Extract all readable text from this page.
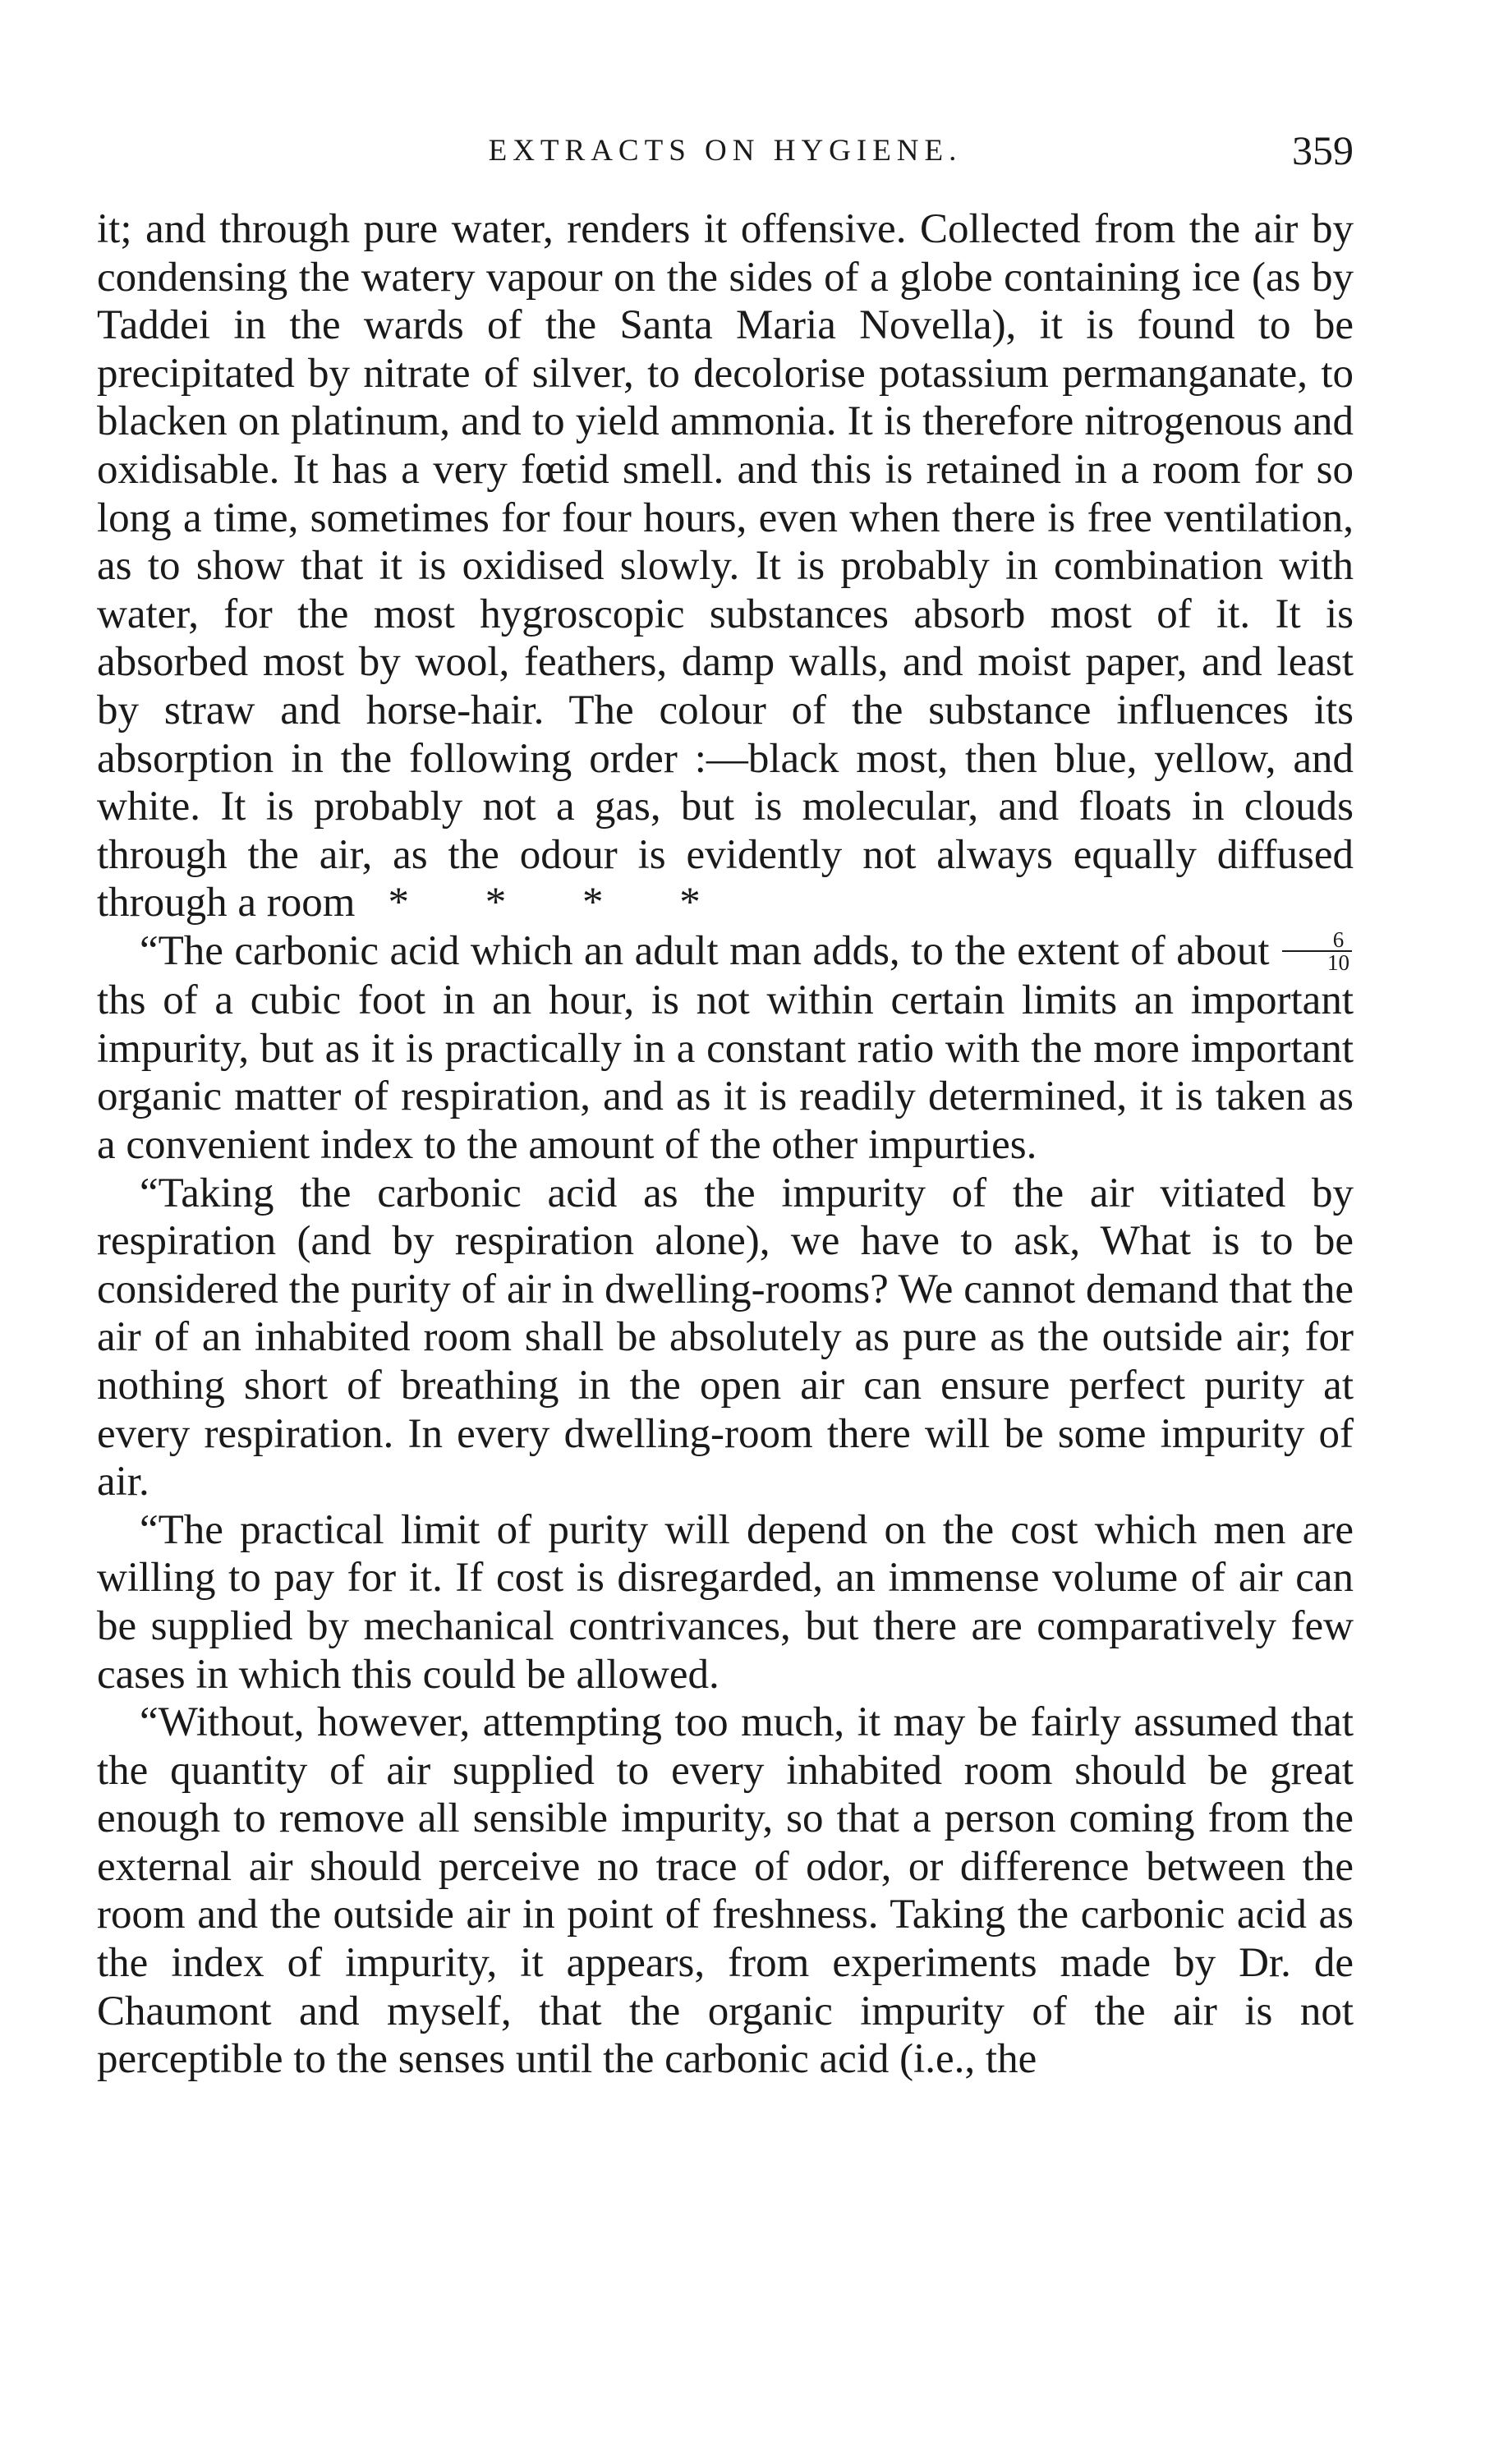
EXTRACTS ON HYGIENE.	359

it; and through pure water, renders it offensive. Collected from the air by condensing the watery vapour on the sides of a globe containing ice (as by Taddei in the wards of the Santa Maria Novella), it is found to be precipitated by nitrate of silver, to decolorise potassium permanganate, to blacken on platinum, and to yield ammonia. It is therefore nitrogenous and oxidisable. It has a very fœtid smell. and this is retained in a room for so long a time, sometimes for four hours, even when there is free ventilation, as to show that it is oxidised slowly. It is probably in combination with water, for the most hygroscopic substances absorb most of it. It is absorbed most by wool, feathers, damp walls, and moist paper, and least by straw and horse-hair. The colour of the substance influences its absorption in the following order :—black most, then blue, yellow, and white. It is probably not a gas, but is molecular, and floats in clouds through the air, as the odour is evidently not always equally diffused through a room * * * *

“The carbonic acid which an adult man adds, to the extent of about $\frac{6}{10}$
ths of a cubic foot in an hour, is not within certain limits an important impurity, but as it is practically in a constant ratio with the more important organic matter of respiration, and as it is readily determined, it is taken as a convenient index to the amount of the other impurties.

“Taking the carbonic acid as the impurity of the air vitiated by respiration (and by respiration alone), we have to ask, What is to be considered the purity of air in dwelling-rooms? We cannot demand that the air of an inhabited room shall be absolutely as pure as the outside air; for nothing short of breathing in the open air can ensure perfect purity at every respiration. In every dwelling-room there will be some impurity of air.

“The practical limit of purity will depend on the cost which men are willing to pay for it. If cost is disregarded, an immense volume of air can be supplied by mechanical contrivances, but there are comparatively few cases in which this could be allowed.

“Without, however, attempting too much, it may be fairly assumed that the quantity of air supplied to every inhabited room should be great enough to remove all sensible impurity, so that a person coming from the external air should perceive no trace of odor, or difference between the room and the outside air in point of freshness. Taking the carbonic acid as the index of impurity, it appears, from experiments made by Dr. de Chaumont and myself, that the organic impurity of the air is not perceptible to the senses until the carbonic acid (i.e., the
